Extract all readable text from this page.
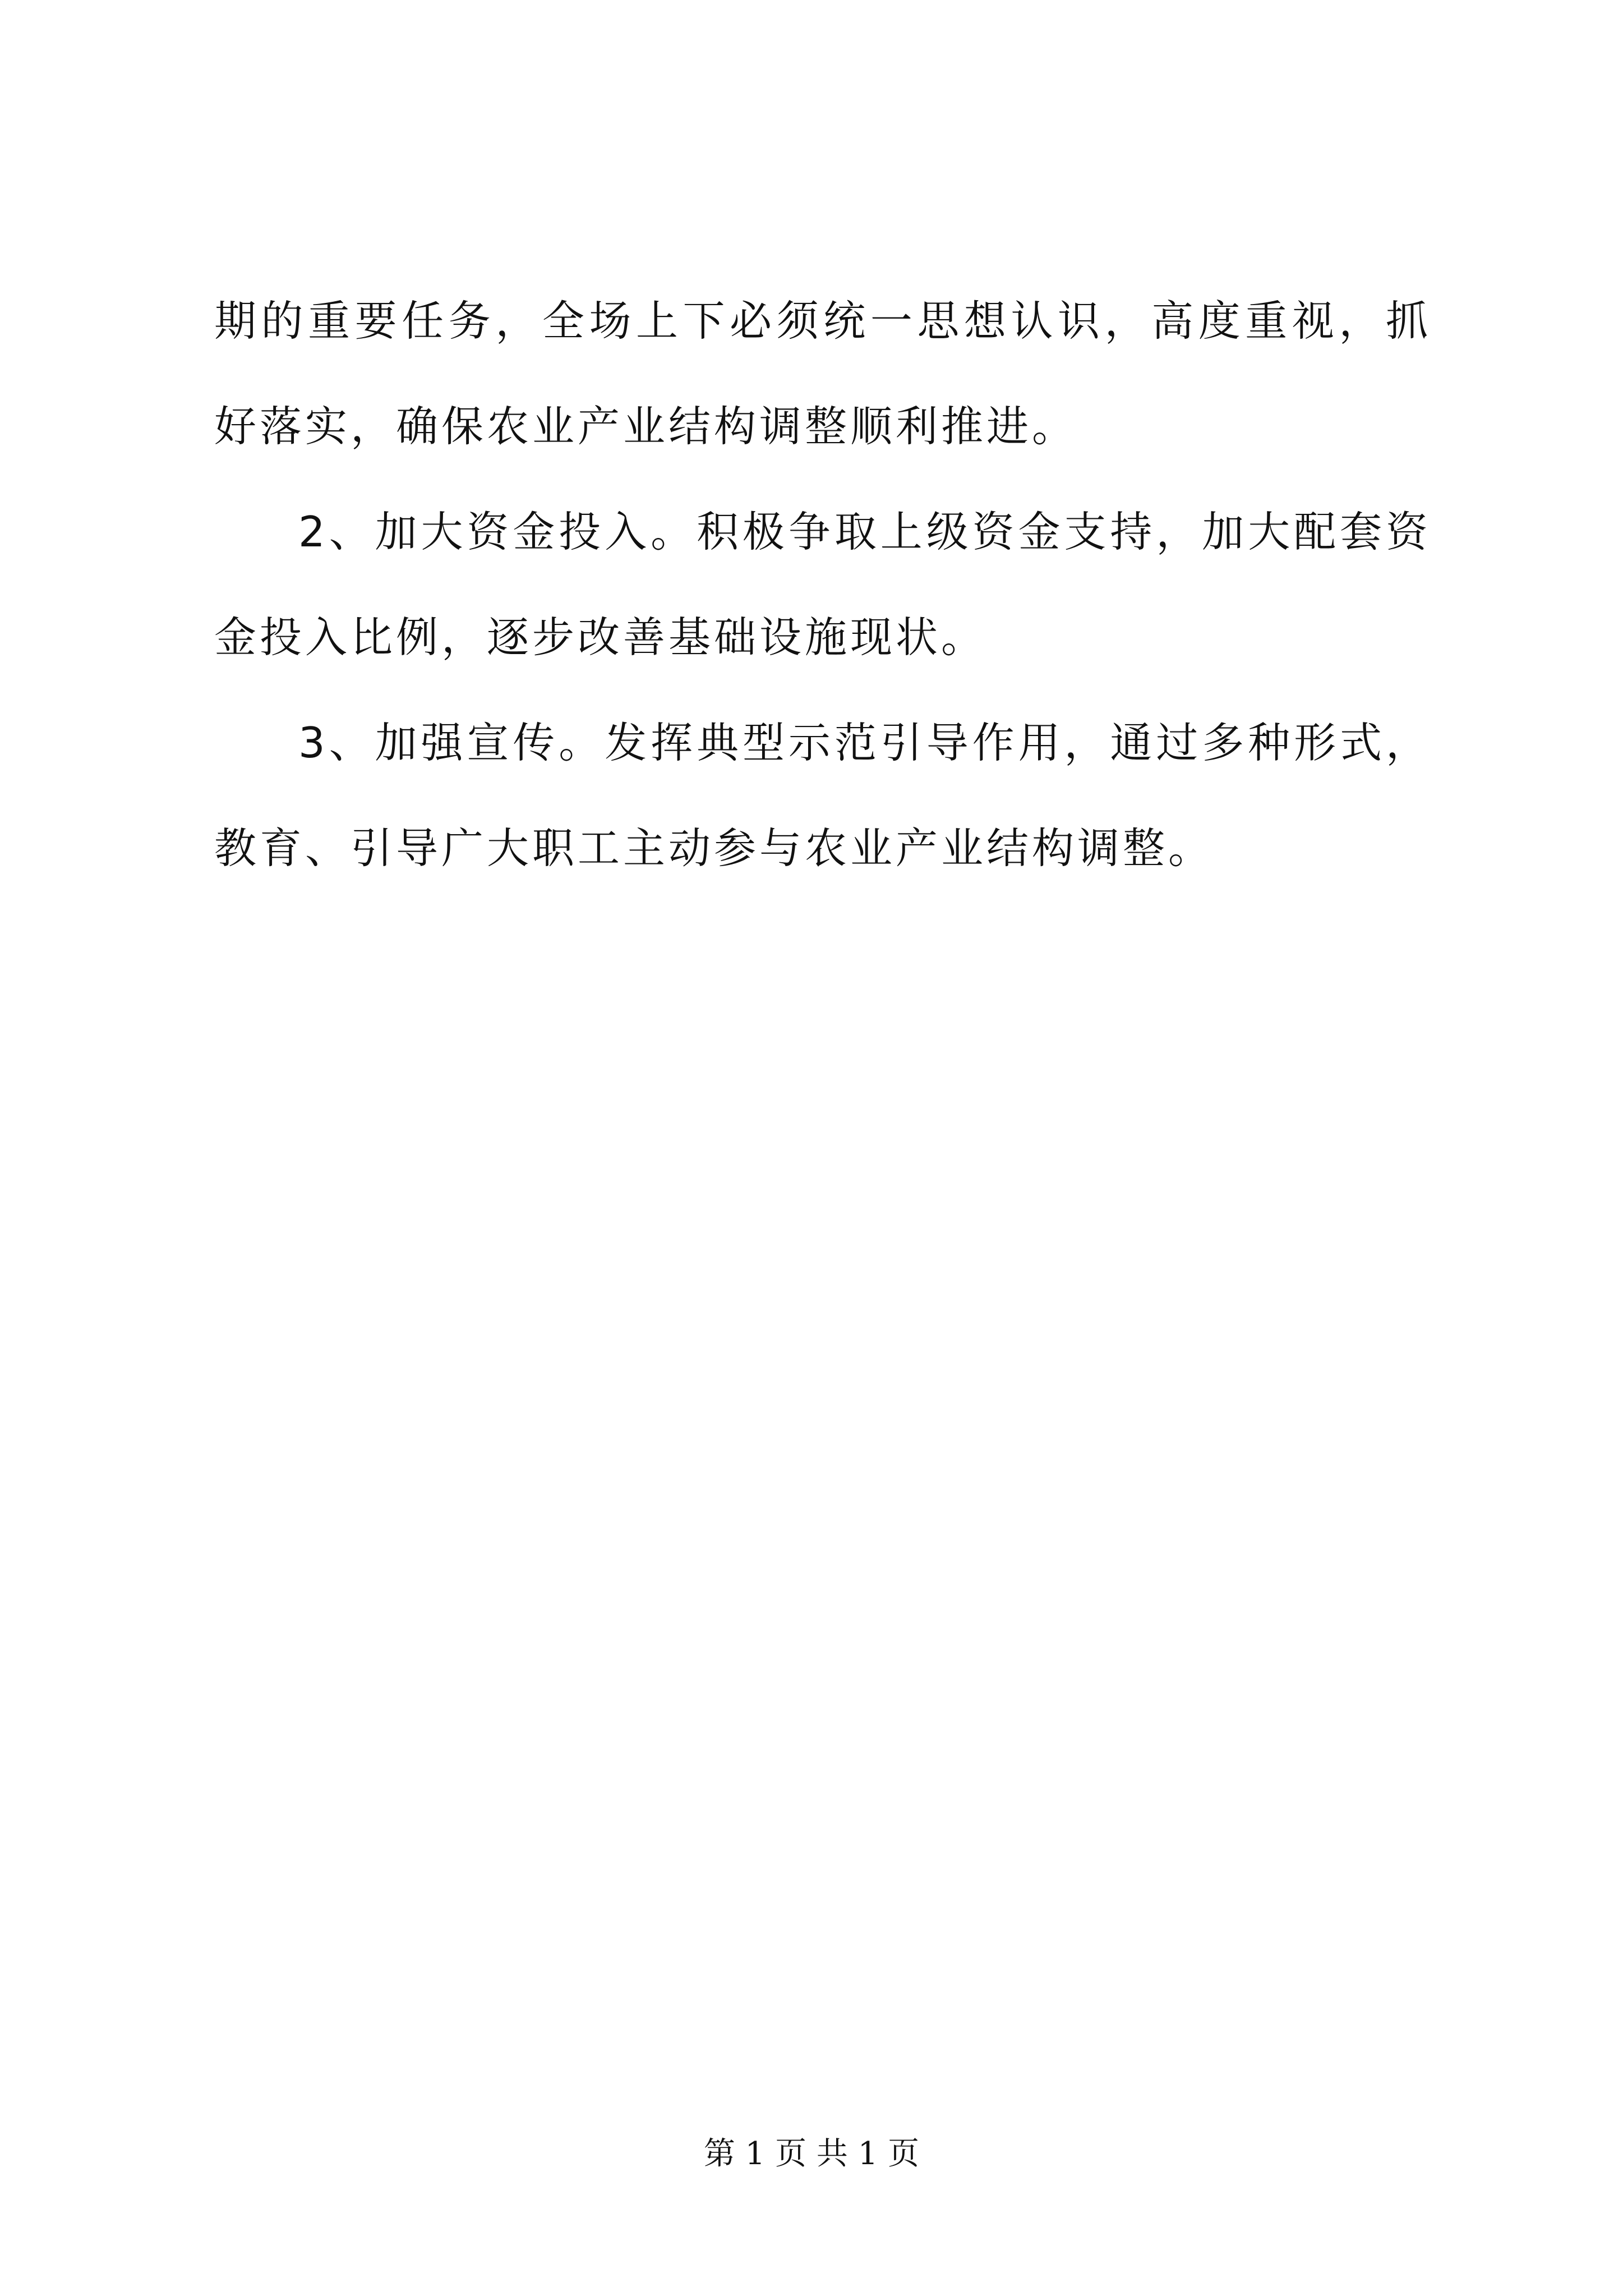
期的重要任务，全场上下必须统一思想认识，高度重视，抓好落实，确保农业产业结构调整顺利推进。

2、加大资金投入。积极争取上级资金支持，加大配套资金投入比例，逐步改善基础设施现状。

3、加强宣传。发挥典型示范引导作用，通过多种形式，教育、引导广大职工主动参与农业产业结构调整。

第 1 页 共 1 页
